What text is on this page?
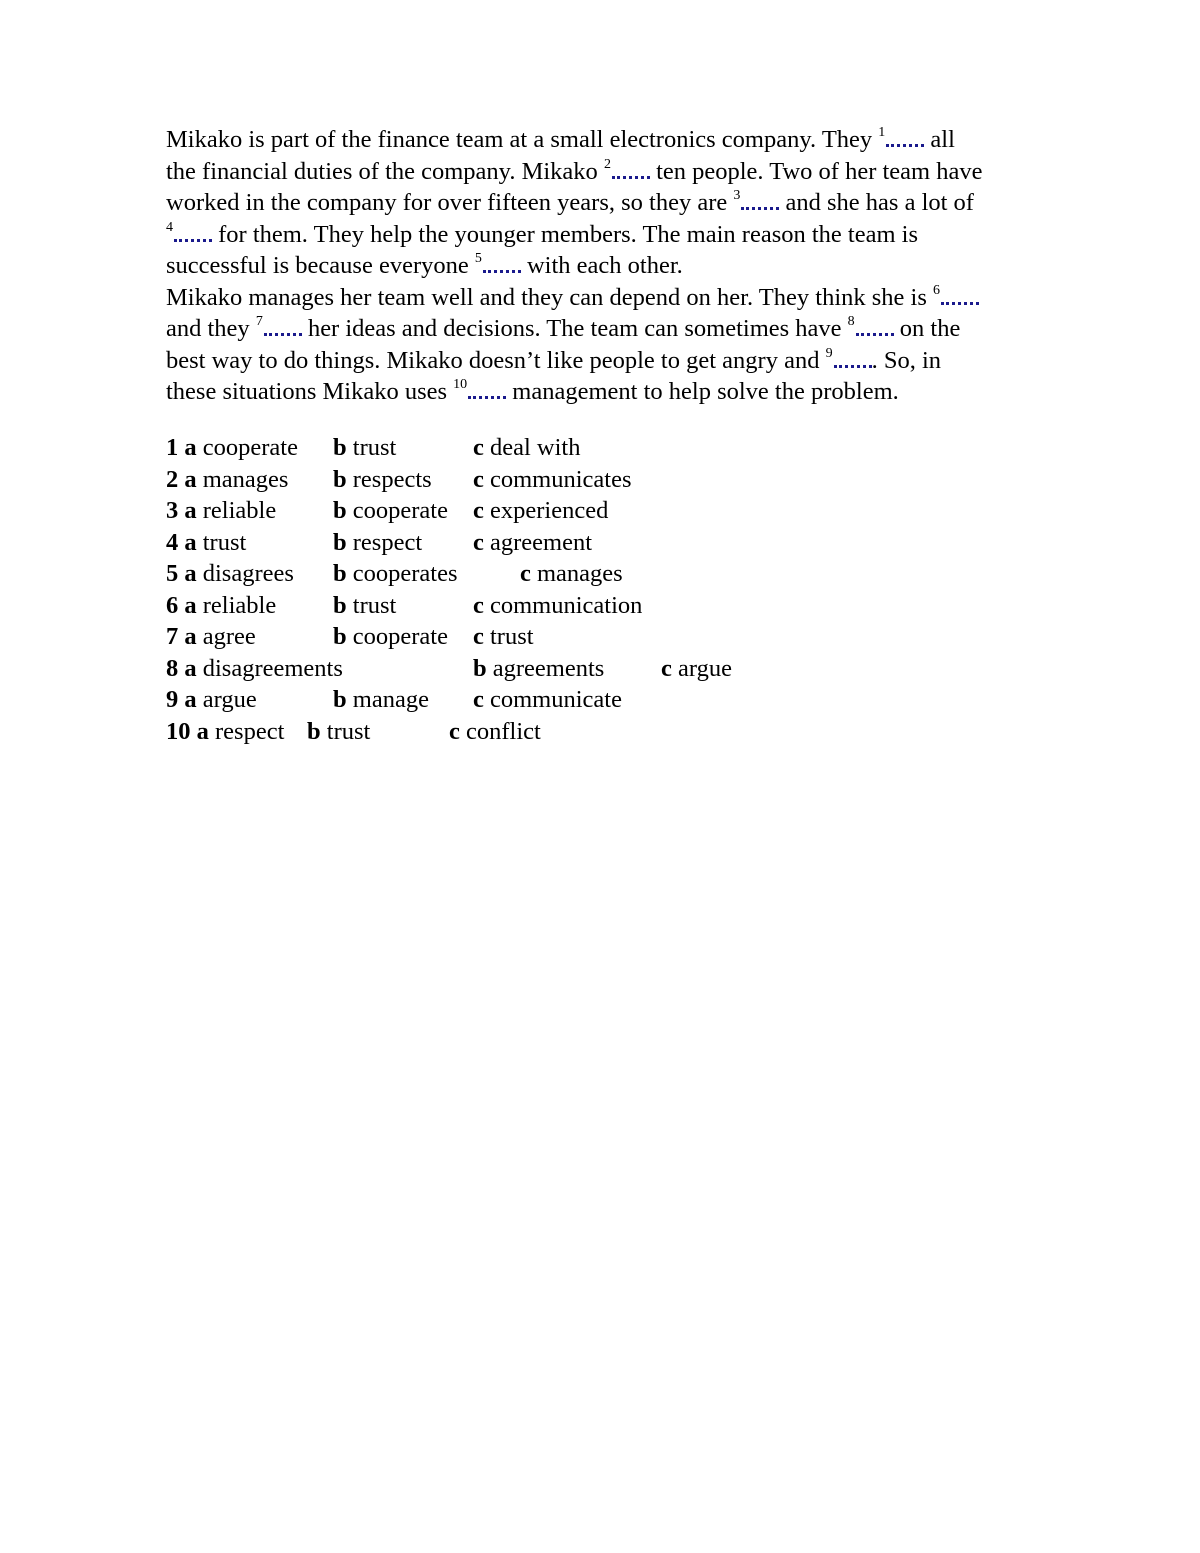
Mikako is part of the finance team at a small electronics company. They $^1$ all
the financial duties of the company. Mikako $^2$ ten people. Two of her team have
worked in the company for over fifteen years, so they are $^3$ and she has a lot of
$^4$ for them. They help the younger members. The main reason the team is
successful is because everyone $^5$ with each other.
Mikako manages her team well and they can depend on her. They think she is $^6$
and they $^7$ her ideas and decisions. The team can sometimes have $^8$ on the
best way to do things. Mikako doesn’t like people to get angry and $^9$ . So, in
these situations Mikako uses $^{10}$ management to help solve the problem.
1 a cooperate b trust	c deal with
2 a manages b respects c communicates
3 a reliable b cooperate c experienced
4 a trust	b respect c agreement
5 a disagrees b cooperates	c manages
6 a reliable b trust	c communication
7 a agree	b cooperate c trust
8 a disagreements	b agreements c argue
9 a argue	b manage c communicate
10 a respect b trust	c conflict
